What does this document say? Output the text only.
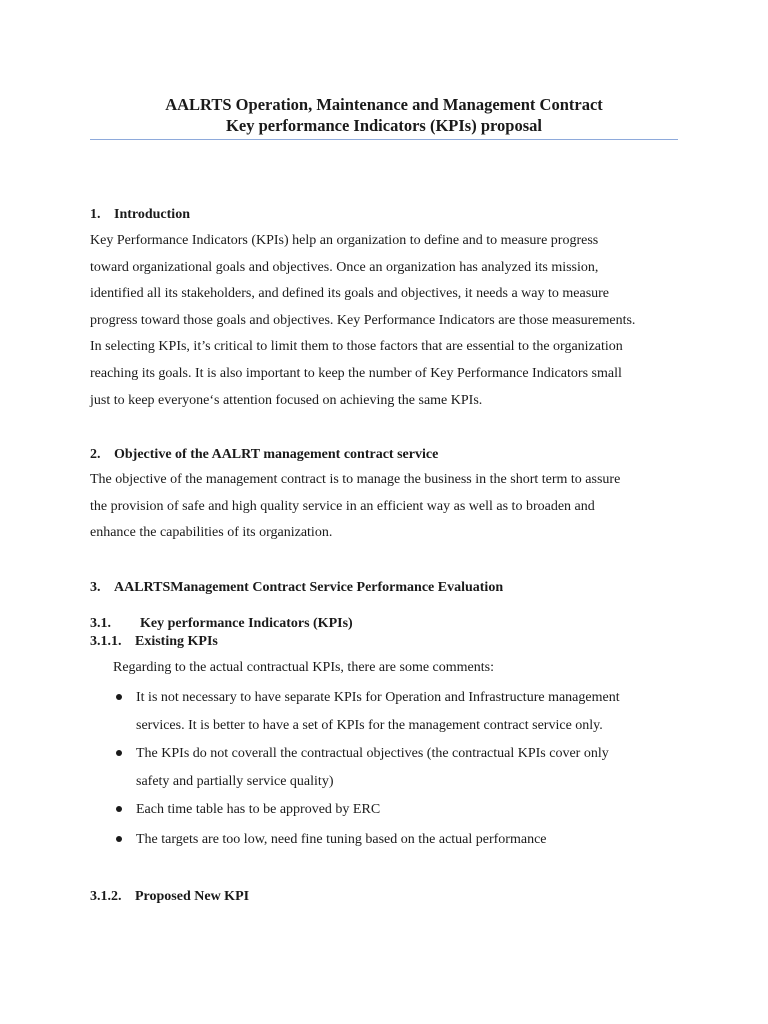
AALRTS Operation, Maintenance and Management Contract
Key performance Indicators (KPIs) proposal
1. Introduction
Key Performance Indicators (KPIs) help an organization to define and to measure progress
toward organizational goals and objectives. Once an organization has analyzed its mission,
identified all its stakeholders, and defined its goals and objectives, it needs a way to measure
progress toward those goals and objectives. Key Performance Indicators are those measurements.
In selecting KPIs, it’s critical to limit them to those factors that are essential to the organization
reaching its goals. It is also important to keep the number of Key Performance Indicators small
just to keep everyone‘s attention focused on achieving the same KPIs.
2. Objective of the AALRT management contract service
The objective of the management contract is to manage the business in the short term to assure
the provision of safe and high quality service in an efficient way as well as to broaden and
enhance the capabilities of its organization.
3. AALRTSManagement Contract Service Performance Evaluation
3.1. Key performance Indicators (KPIs)
3.1.1. Existing KPIs
Regarding to the actual contractual KPIs, there are some comments:
It is not necessary to have separate KPIs for Operation and Infrastructure management
services. It is better to have a set of KPIs for the management contract service only.
The KPIs do not coverall the contractual objectives (the contractual KPIs cover only
safety and partially service quality)
Each time table has to be approved by ERC
The targets are too low, need fine tuning based on the actual performance
3.1.2. Proposed New KPI
